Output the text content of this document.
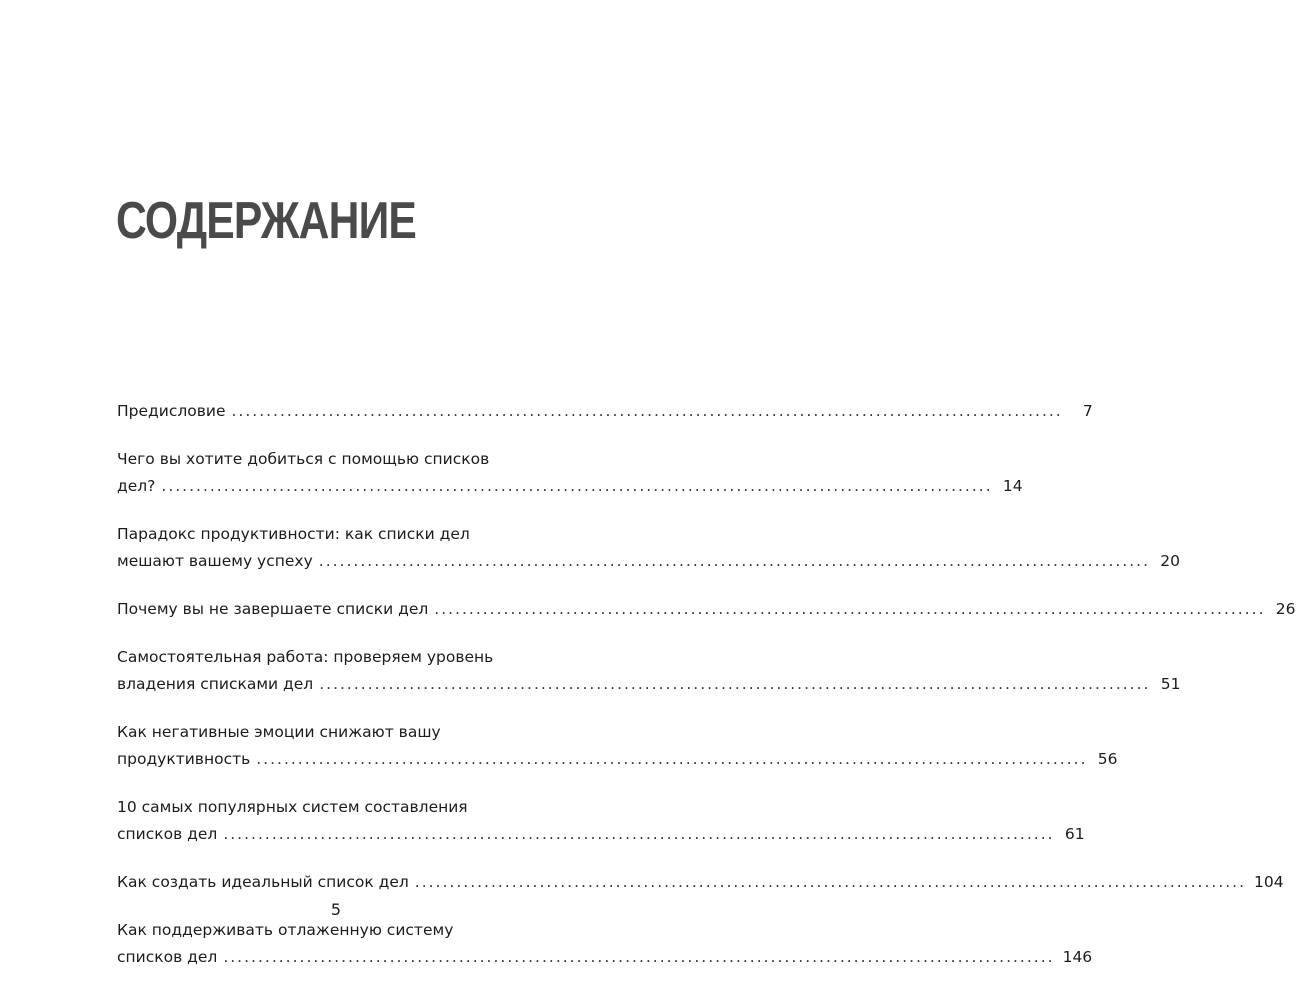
СОДЕРЖАНИЕ
Предисловие ........................................................................................................................	7
Чего вы хотите добиться с помощью списков
дел? ........................................................................................................................ 14
Парадокс продуктивности: как списки дел
мешают вашему успеху ........................................................................................................................ 20
Почему вы не завершаете списки дел ........................................................................................................................ 26
Самостоятельная работа: проверяем уровень
владения списками дел ........................................................................................................................ 51
Как негативные эмоции снижают вашу
продуктивность ........................................................................................................................ 56
10 самых популярных систем составления
списков дел ........................................................................................................................ 61
Как создать идеальный список дел ........................................................................................................................ 104
Как поддерживать отлаженную систему
списков дел ........................................................................................................................ 146
5
